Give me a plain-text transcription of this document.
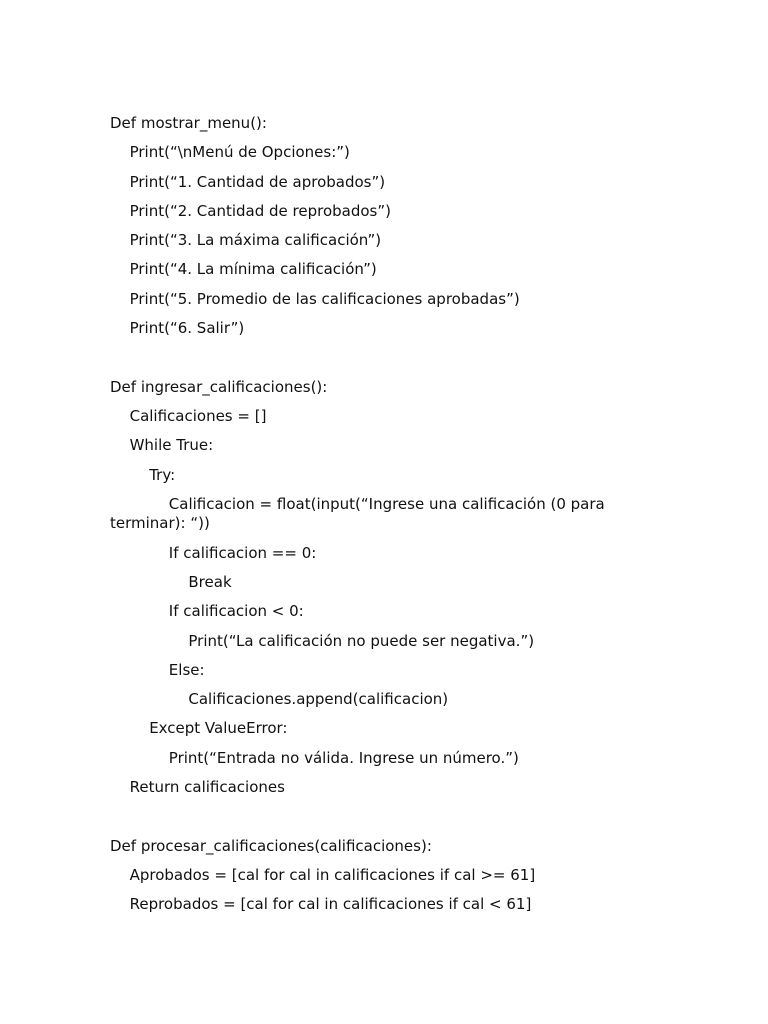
Def mostrar_menu():
Print(“\nMenú de Opciones:”)
Print(“1. Cantidad de aprobados”)
Print(“2. Cantidad de reprobados”)
Print(“3. La máxima calificación”)
Print(“4. La mínima calificación”)
Print(“5. Promedio de las calificaciones aprobadas”)
Print(“6. Salir”)
Def ingresar_calificaciones():
Calificaciones = []
While True:
Try:
Calificacion = float(input(“Ingrese una calificación (0 para terminar): “))
If calificacion == 0:
Break
If calificacion < 0:
Print(“La calificación no puede ser negativa.”)
Else:
Calificaciones.append(calificacion)
Except ValueError:
Print(“Entrada no válida. Ingrese un número.”)
Return calificaciones
Def procesar_calificaciones(calificaciones):
Aprobados = [cal for cal in calificaciones if cal >= 61]
Reprobados = [cal for cal in calificaciones if cal < 61]
